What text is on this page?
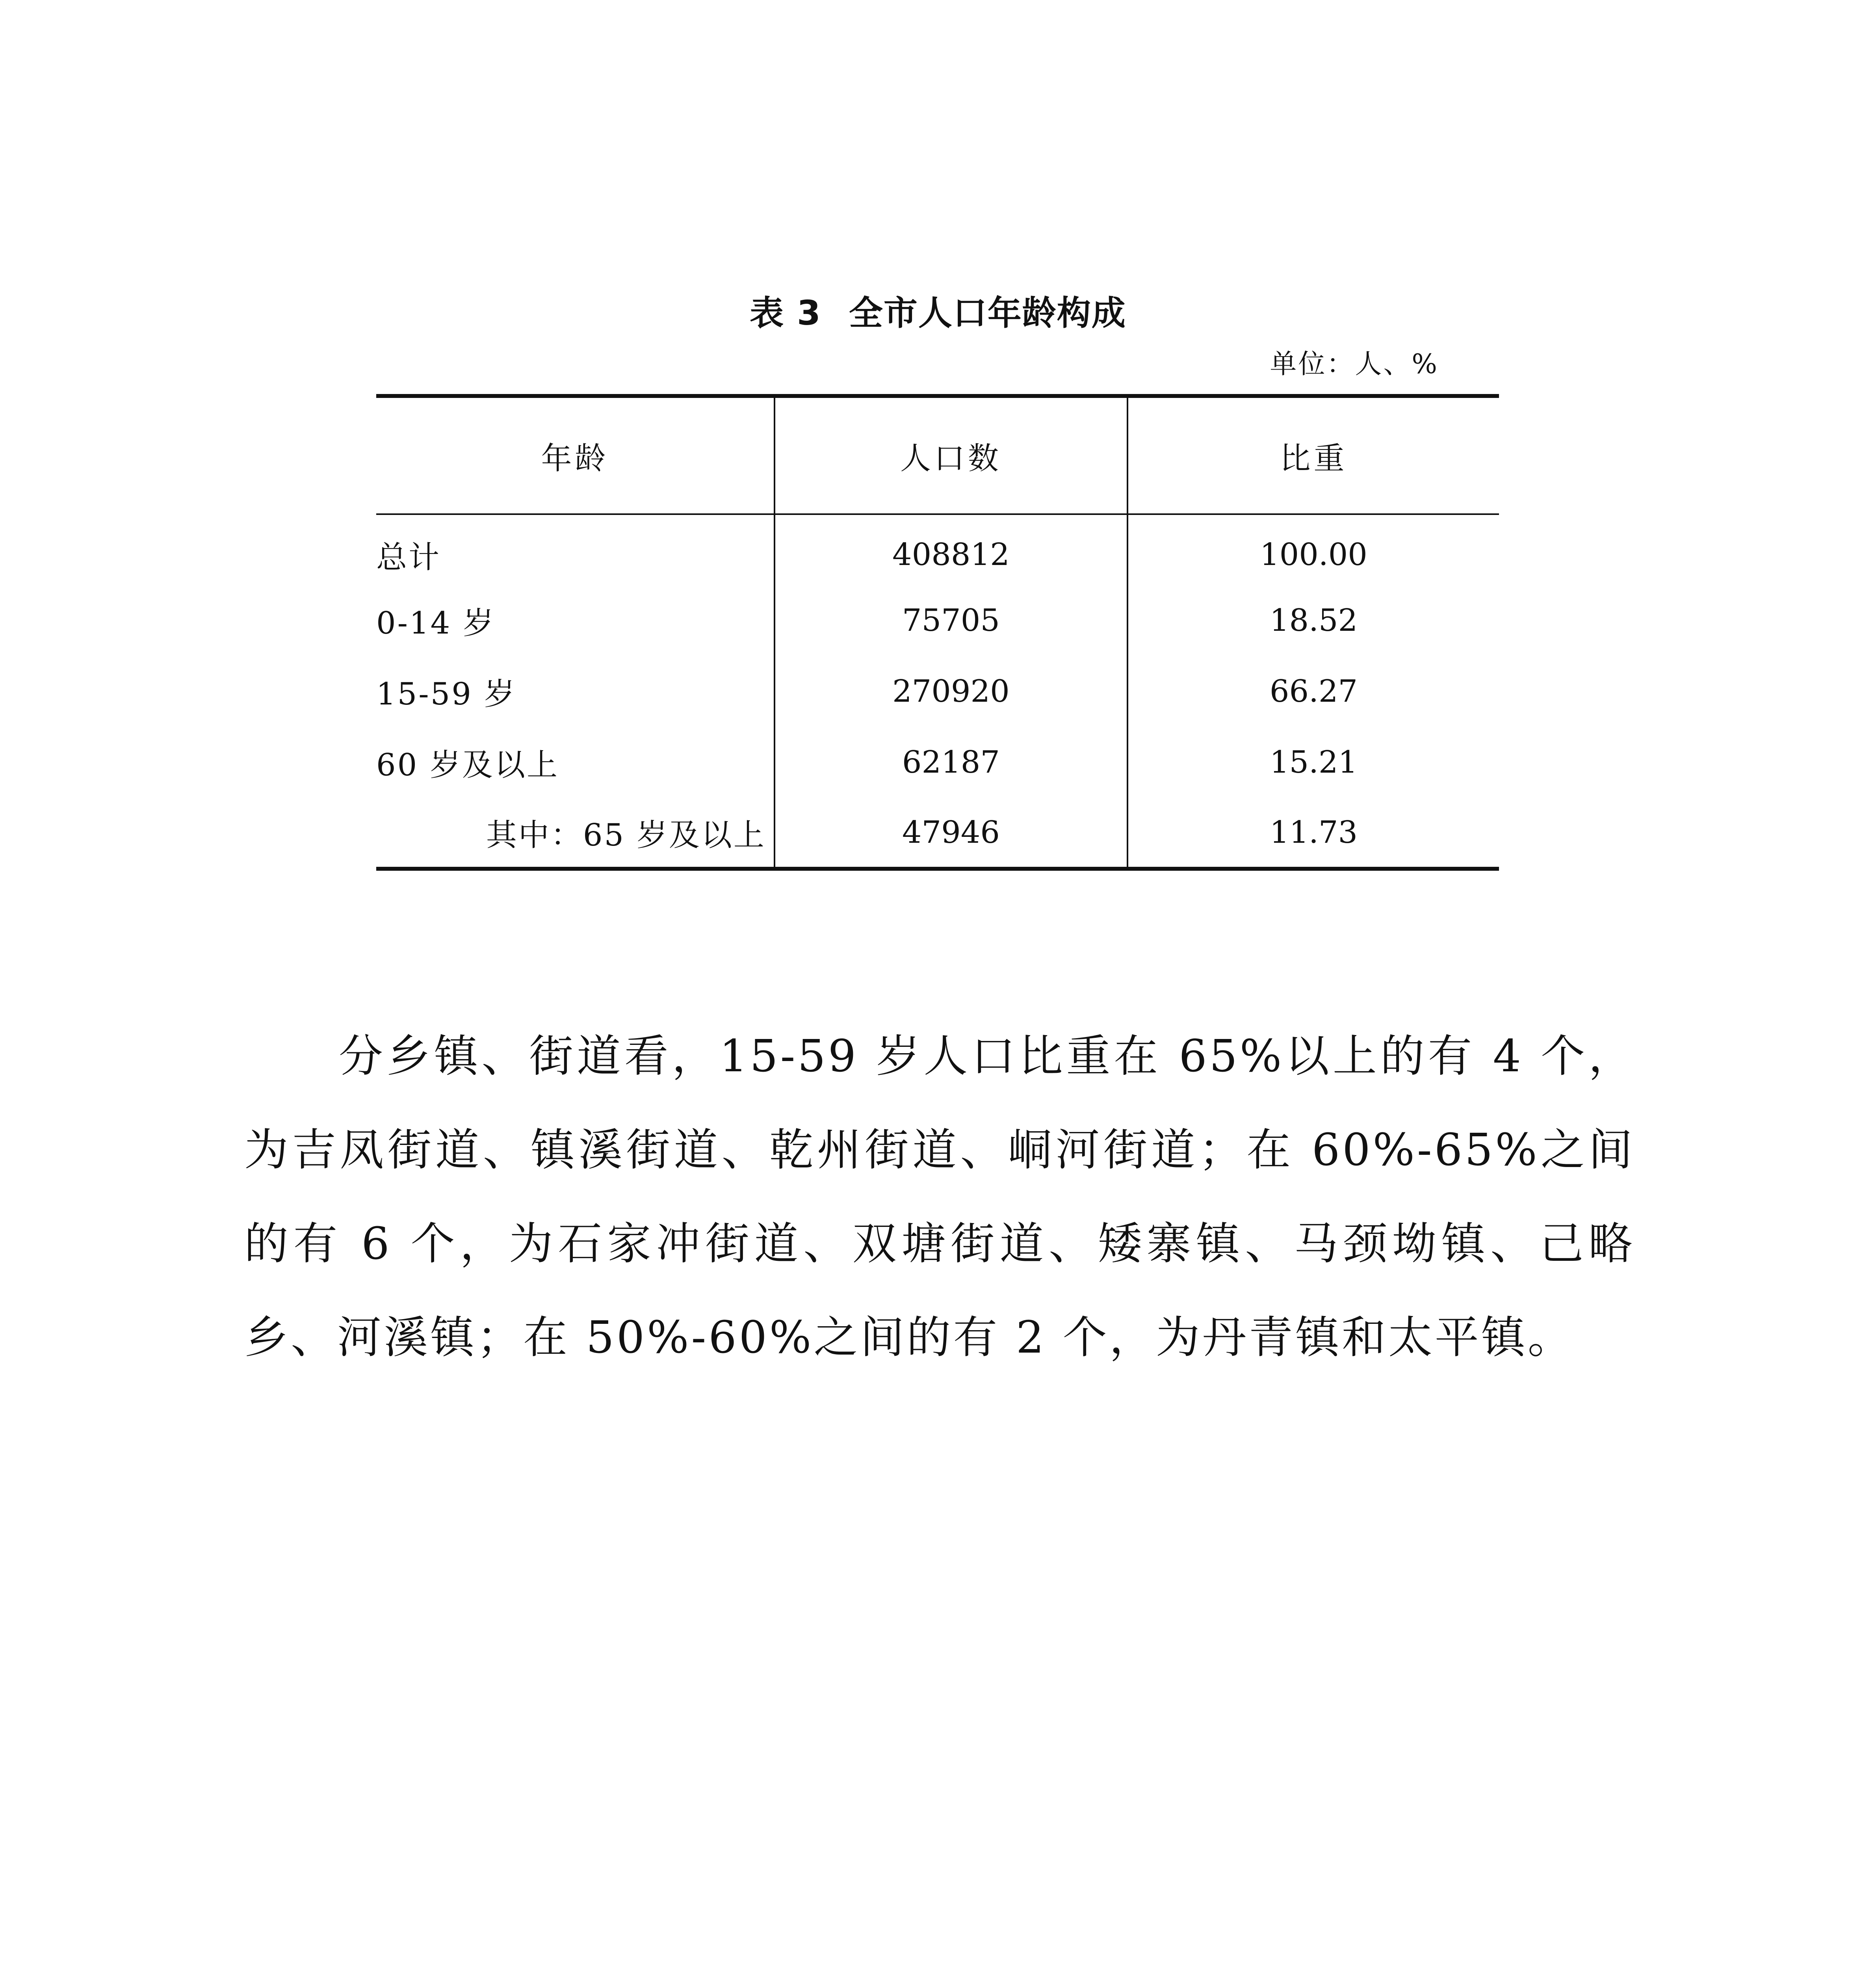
表 3 全市人口年龄构成
单位：人、%
年龄	人口数	比重
总计	408812	100.00
0-14 岁	75705	18.52
15-59 岁	270920	66.27
60 岁及以上	62187	15.21
其中：65 岁及以上	47946	11.73

分乡镇、街道看，15-59 岁人口比重在 65%以上的有 4 个，为吉凤街道、镇溪街道、乾州街道、峒河街道；在 60%-65%之间的有 6 个，为石家冲街道、双塘街道、矮寨镇、马颈坳镇、己略乡、河溪镇；在 50%-60%之间的有 2 个，为丹青镇和太平镇。
